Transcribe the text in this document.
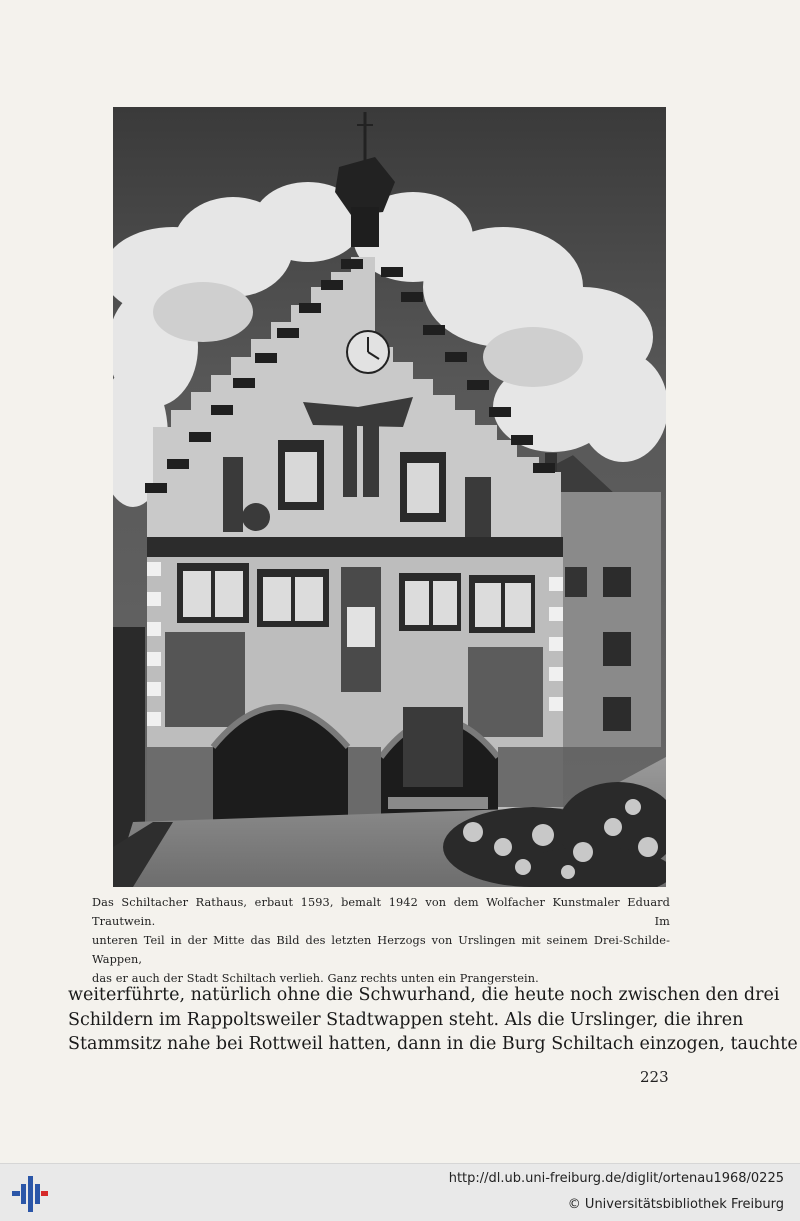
Das Schiltacher Rathaus, erbaut 1593, bemalt 1942 von dem Wolfacher Kunstmaler Eduard Trautwein. Im
unteren Teil in der Mitte das Bild des letzten Herzogs von Urslingen mit seinem Drei-Schilde-Wappen,
das er auch der Stadt Schiltach verlieh. Ganz rechts unten ein Prangerstein.
weiterführte, natürlich ohne die Schwurhand, die heute noch zwischen den drei
Schildern im Rappoltsweiler Stadtwappen steht. Als die Urslinger, die ihren
Stammsitz nahe bei Rottweil hatten, dann in die Burg Schiltach einzogen, tauchte
223
http://dl.ub.uni-freiburg.de/diglit/ortenau1968/0225
© Universitätsbibliothek Freiburg
